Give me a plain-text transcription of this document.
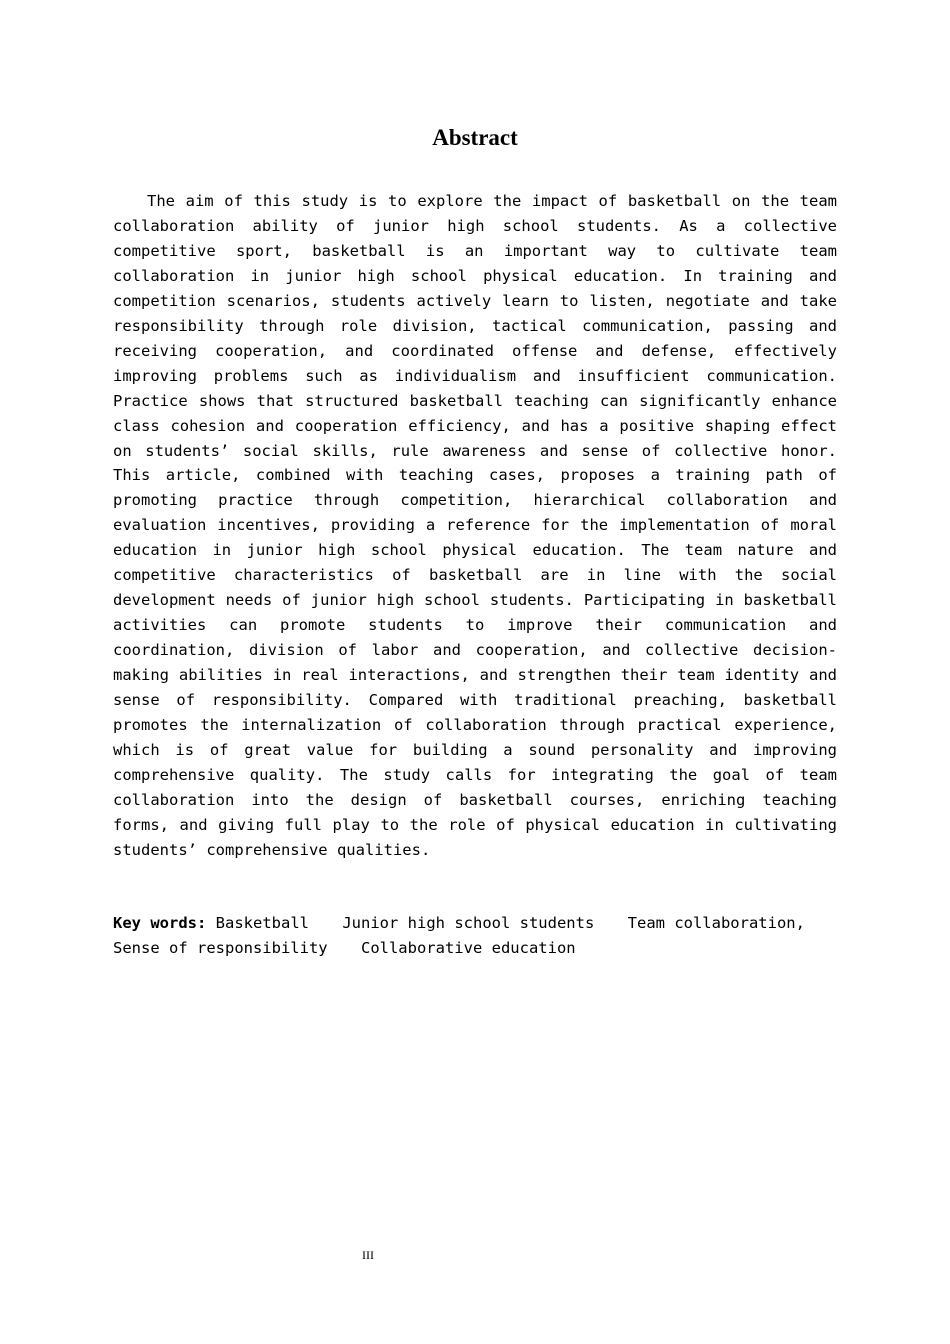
Abstract

The aim of this study is to explore the impact of basketball on the team collaboration ability of junior high school students. As a collective competitive sport, basketball is an important way to cultivate team collaboration in junior high school physical education. In training and competition scenarios, students actively learn to listen, negotiate and take responsibility through role division, tactical communication, passing and receiving cooperation, and coordinated offense and defense, effectively improving problems such as individualism and insufficient communication. Practice shows that structured basketball teaching can significantly enhance class cohesion and cooperation efficiency, and has a positive shaping effect on students’ social skills, rule awareness and sense of collective honor. This article, combined with teaching cases, proposes a training path of promoting practice through competition, hierarchical collaboration and evaluation incentives, providing a reference for the implementation of moral education in junior high school physical education. The team nature and competitive characteristics of basketball are in line with the social development needs of junior high school students. Participating in basketball activities can promote students to improve their communication and coordination, division of labor and cooperation, and collective decision-making abilities in real interactions, and strengthen their team identity and sense of responsibility. Compared with traditional preaching, basketball promotes the internalization of collaboration through practical experience, which is of great value for building a sound personality and improving comprehensive quality. The study calls for integrating the goal of team collaboration into the design of basketball courses, enriching teaching forms, and giving full play to the role of physical education in cultivating students’ comprehensive qualities.

Key words: Basketball Junior high school students Team collaboration, Sense of responsibility Collaborative education

III
